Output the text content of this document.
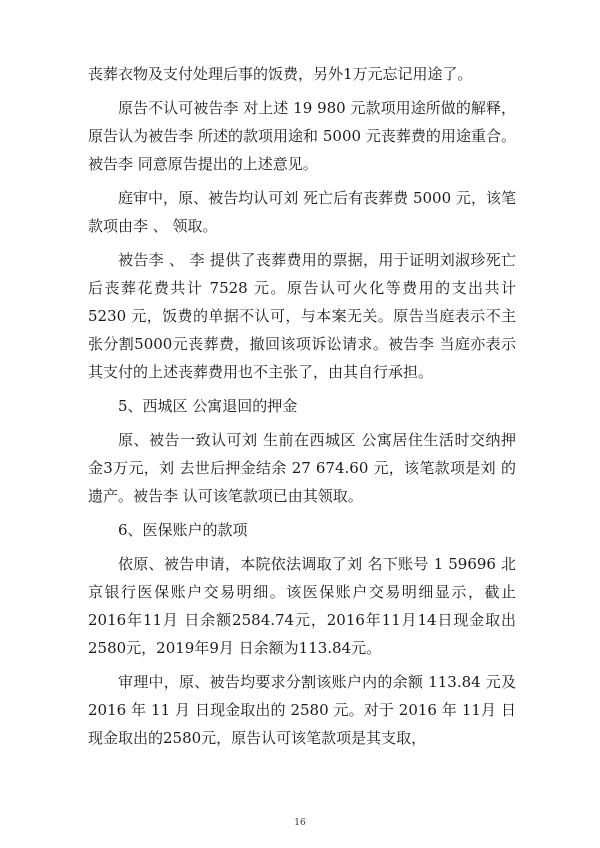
丧葬衣物及支付处理后事的饭费，另外1万元忘记用途了。

原告不认可被告李 对上述 19 980 元款项用途所做的解释，原告认为被告李 所述的款项用途和 5000 元丧葬费的用途重合。被告李 同意原告提出的上述意见。

庭审中，原、被告均认可刘 死亡后有丧葬费 5000 元，该笔款项由李 、 领取。

被告李 、 李 提供了丧葬费用的票据，用于证明刘淑珍死亡后丧葬花费共计 7528 元。原告认可火化等费用的支出共计 5230 元，饭费的单据不认可，与本案无关。原告当庭表示不主张分割5000元丧葬费，撤回该项诉讼请求。被告李 当庭亦表示其支付的上述丧葬费用也不主张了，由其自行承担。

5、西城区 公寓退回的押金

原、被告一致认可刘 生前在西城区 公寓居住生活时交纳押金3万元，刘 去世后押金结余 27 674.60 元，该笔款项是刘 的遗产。被告李 认可该笔款项已由其领取。

6、医保账户的款项

依原、被告申请，本院依法调取了刘 名下账号 1 59696 北京银行医保账户交易明细。该医保账户交易明细显示，截止2016年11月 日余额2584.74元，2016年11月14日现金取出2580元，2019年9月 日余额为113.84元。

审理中，原、被告均要求分割该账户内的余额 113.84 元及 2016 年 11 月 日现金取出的 2580 元。对于 2016 年 11月 日现金取出的2580元，原告认可该笔款项是其支取，

16
